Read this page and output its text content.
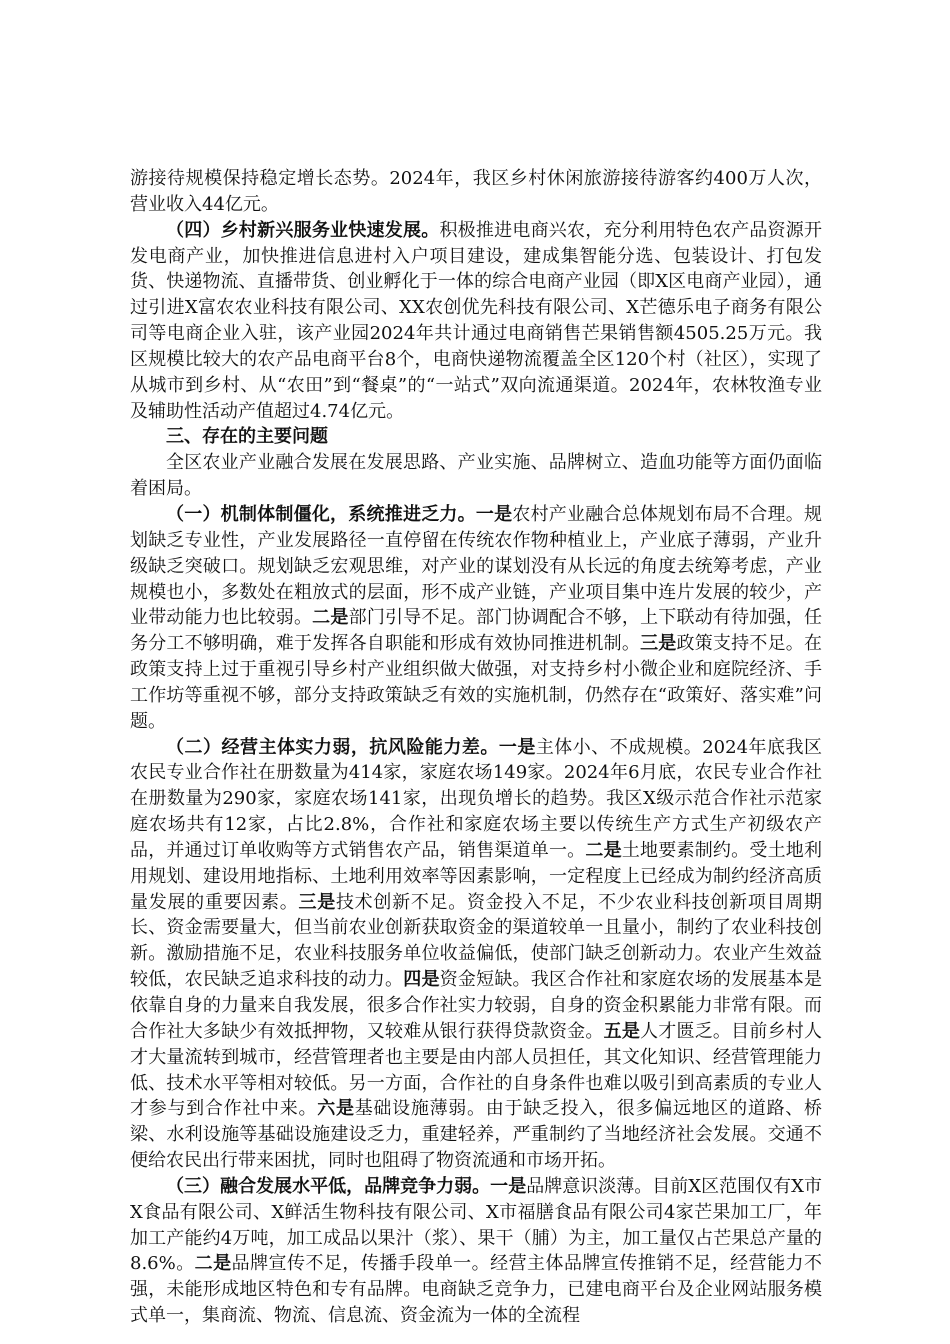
游接待规模保持稳定增长态势。2024年，我区乡村休闲旅游接待游客约400万人次，营业收入44亿元。

（四）乡村新兴服务业快速发展。积极推进电商兴农，充分利用特色农产品资源开发电商产业，加快推进信息进村入户项目建设，建成集智能分选、包装设计、打包发货、快递物流、直播带货、创业孵化于一体的综合电商产业园（即X区电商产业园），通过引进X富农农业科技有限公司、XX农创优先科技有限公司、X芒德乐电子商务有限公司等电商企业入驻，该产业园2024年共计通过电商销售芒果销售额4505.25万元。我区规模比较大的农产品电商平台8个，电商快递物流覆盖全区120个村（社区），实现了从城市到乡村、从“农田”到“餐桌”的“一站式”双向流通渠道。2024年，农林牧渔专业及辅助性活动产值超过4.74亿元。

三、存在的主要问题

全区农业产业融合发展在发展思路、产业实施、品牌树立、造血功能等方面仍面临着困局。

（一）机制体制僵化，系统推进乏力。一是农村产业融合总体规划布局不合理。规划缺乏专业性，产业发展路径一直停留在传统农作物种植业上，产业底子薄弱，产业升级缺乏突破口。规划缺乏宏观思维，对产业的谋划没有从长远的角度去统筹考虑，产业规模也小，多数处在粗放式的层面，形不成产业链，产业项目集中连片发展的较少，产业带动能力也比较弱。二是部门引导不足。部门协调配合不够，上下联动有待加强，任务分工不够明确，难于发挥各自职能和形成有效协同推进机制。三是政策支持不足。在政策支持上过于重视引导乡村产业组织做大做强，对支持乡村小微企业和庭院经济、手工作坊等重视不够，部分支持政策缺乏有效的实施机制，仍然存在“政策好、落实难”问题。

（二）经营主体实力弱，抗风险能力差。一是主体小、不成规模。2024年底我区农民专业合作社在册数量为414家，家庭农场149家。2024年6月底，农民专业合作社在册数量为290家，家庭农场141家，出现负增长的趋势。我区X级示范合作社示范家庭农场共有12家，占比2.8%，合作社和家庭农场主要以传统生产方式生产初级农产品，并通过订单收购等方式销售农产品，销售渠道单一。二是土地要素制约。受土地利用规划、建设用地指标、土地利用效率等因素影响，一定程度上已经成为制约经济高质量发展的重要因素。三是技术创新不足。资金投入不足，不少农业科技创新项目周期长、资金需要量大，但当前农业创新获取资金的渠道较单一且量小，制约了农业科技创新。激励措施不足，农业科技服务单位收益偏低，使部门缺乏创新动力。农业产生效益较低，农民缺乏追求科技的动力。四是资金短缺。我区合作社和家庭农场的发展基本是依靠自身的力量来自我发展，很多合作社实力较弱，自身的资金积累能力非常有限。而合作社大多缺少有效抵押物，又较难从银行获得贷款资金。五是人才匮乏。目前乡村人才大量流转到城市，经营管理者也主要是由内部人员担任，其文化知识、经营管理能力低、技术水平等相对较低。另一方面，合作社的自身条件也难以吸引到高素质的专业人才参与到合作社中来。六是基础设施薄弱。由于缺乏投入，很多偏远地区的道路、桥梁、水利设施等基础设施建设乏力，重建轻养，严重制约了当地经济社会发展。交通不便给农民出行带来困扰，同时也阻碍了物资流通和市场开拓。

（三）融合发展水平低，品牌竞争力弱。一是品牌意识淡薄。目前X区范围仅有X市X食品有限公司、X鲜活生物科技有限公司、X市福膳食品有限公司4家芒果加工厂，年加工产能约4万吨，加工成品以果汁（浆）、果干（脯）为主，加工量仅占芒果总产量的8.6%。二是品牌宣传不足，传播手段单一。经营主体品牌宣传推销不足，经营能力不强，未能形成地区特色和专有品牌。电商缺乏竞争力，已建电商平台及企业网站服务模式单一，集商流、物流、信息流、资金流为一体的全流程
